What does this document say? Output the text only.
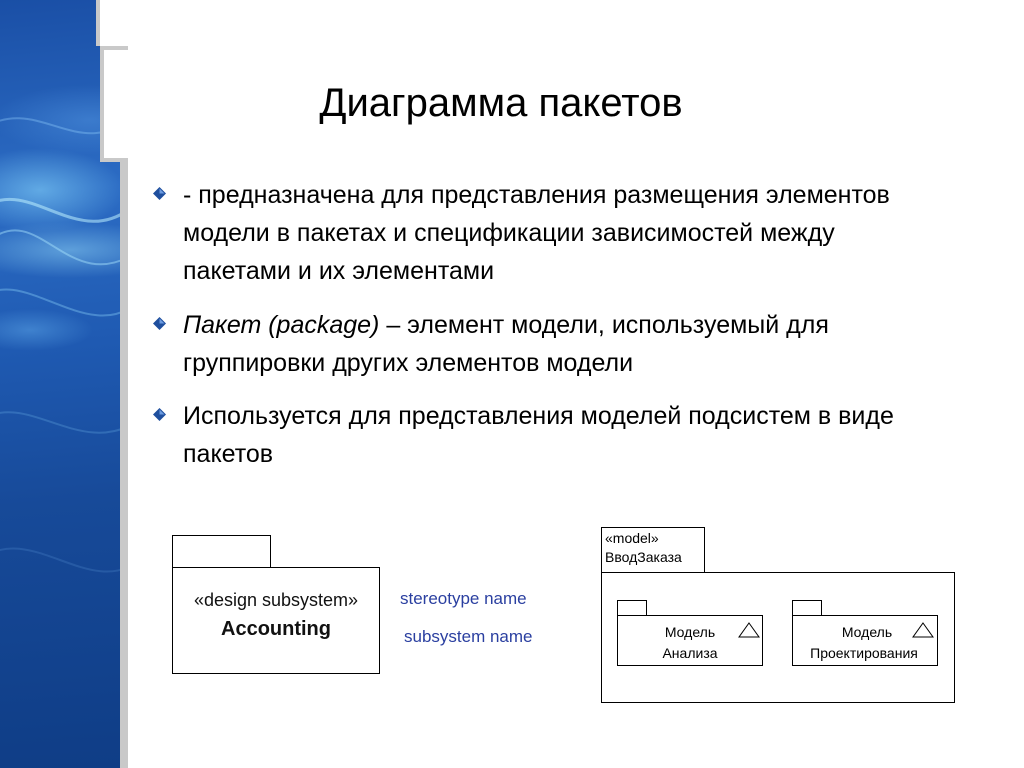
Диаграмма пакетов
- предназначена для представления размещения элементов
модели в пакетах и спецификации зависимостей между
пакетами и их элементами
Пакет (package) – элемент модели, используемый для
группировки других элементов модели
Используется для представления моделей подсистем в виде
пакетов
«design subsystem»
Accounting
stereotype name
subsystem name
«model»
ВводЗаказа
Модель
Анализа
Модель
Проектирования
